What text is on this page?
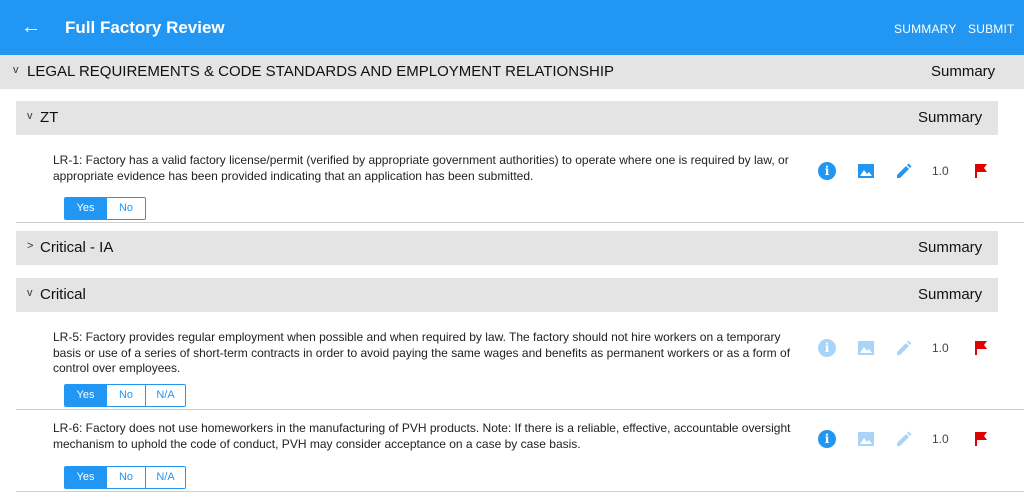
← Full Factory Review	SUMMARY SUBMIT
v LEGAL REQUIREMENTS & CODE STANDARDS AND EMPLOYMENT RELATIONSHIP	Summary
v ZT	Summary
LR-1: Factory has a valid factory license/permit (verified by appropriate government authorities) to operate where one is required by law, or appropriate evidence has been provided indicating that an application has been submitted.	i	1.0
Yes	No
> Critical - IA	Summary
v Critical	Summary
LR-5: Factory provides regular employment when possible and when required by law. The factory should not hire workers on a temporary basis or use of a series of short-term contracts in order to avoid paying the same wages and benefits as permanent workers or as a form of control over employees.
i	1.0
Yes	No	N/A
LR-6: Factory does not use homeworkers in the manufacturing of PVH products. Note: If there is a reliable, effective, accountable oversight mechanism to uphold the code of conduct, PVH may consider acceptance on a case by case basis.	i	1.0
Yes	No	N/A
